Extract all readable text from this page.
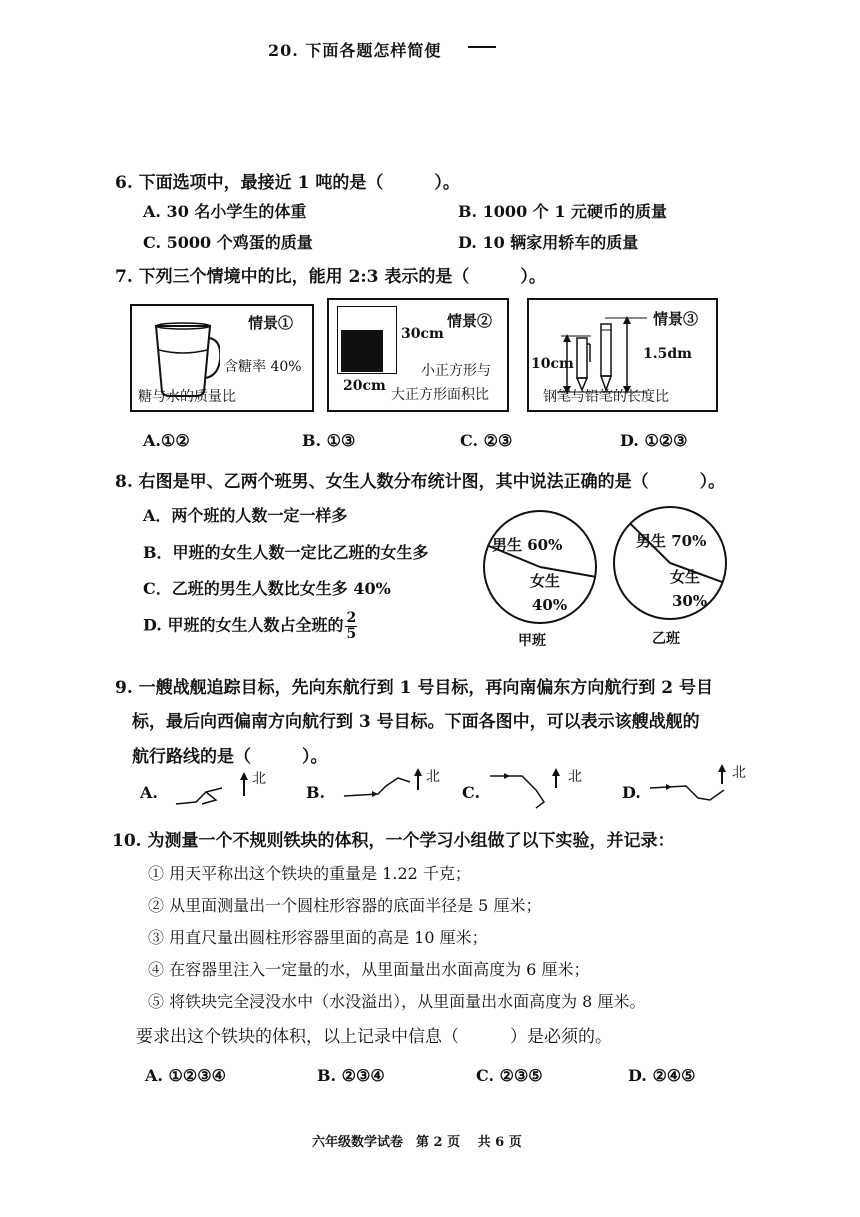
20. 下面各题怎样简便
6. 下面选项中，最接近 1 吨的是（　　　）。
A. 30 名小学生的体重	B. 1000 个 1 元硬币的质量
C. 5000 个鸡蛋的质量	D. 10 辆家用轿车的质量
7. 下列三个情境中的比，能用 2:3 表示的是（　　　）。
情景①
含糖率 40%
糖与水的质量比
30cm
情景②
20cm
小正方形与
大正方形面积比
情景③
10cm
1.5dm
钢笔与铅笔的长度比
A.①②	B. ①③	C. ②③	D. ①②③
8. 右图是甲、乙两个班男、女生人数分布统计图，其中说法正确的是（　　　）。
A．两个班的人数一定一样多
B．甲班的女生人数一定比乙班的女生多
C．乙班的男生人数比女生多 40%
D. 甲班的女生人数占全班的 $\frac{2}{5}$
男生 60%
女生
40%
甲班
男生 70%
女生
30%
乙班
9. 一艘战舰追踪目标，先向东航行到 1 号目标，再向南偏东方向航行到 2 号目
标，最后向西偏南方向航行到 3 号目标。下面各图中，可以表示该艘战舰的
航行路线的是（　　　）。
A.
北
B.
北
C.
北
D.
北
10. 为测量一个不规则铁块的体积，一个学习小组做了以下实验，并记录：
① 用天平称出这个铁块的重量是 1.22 千克；
② 从里面测量出一个圆柱形容器的底面半径是 5 厘米；
③ 用直尺量出圆柱形容器里面的高是 10 厘米；
④ 在容器里注入一定量的水，从里面量出水面高度为 6 厘米；
⑤ 将铁块完全浸没水中（水没溢出），从里面量出水面高度为 8 厘米。
要求出这个铁块的体积，以上记录中信息（　　　）是必须的。
A. ①②③④	B. ②③④	C. ②③⑤	D. ②④⑤
六年级数学试卷　第 2 页　 共 6 页
